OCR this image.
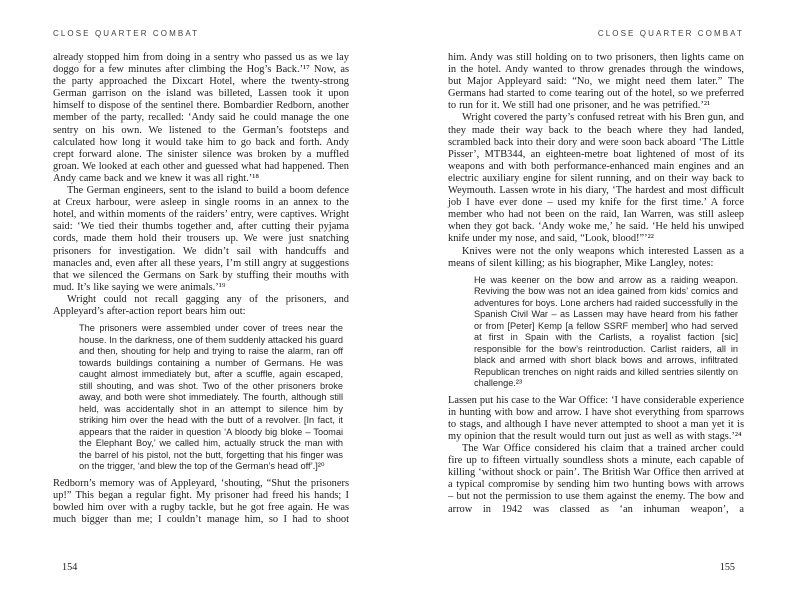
CLOSE QUARTER COMBAT

already stopped him from doing in a sentry who passed us as we lay doggo for a few minutes after climbing the Hog’s Back.’¹⁷ Now, as the party approached the Dixcart Hotel, where the twenty-strong German garrison on the island was billeted, Lassen took it upon himself to dispose of the sentinel there. Bombardier Redborn, another member of the party, recalled: ‘Andy said he could manage the one sentry on his own. We listened to the German’s footsteps and calculated how long it would take him to go back and forth. Andy crept forward alone. The sinister silence was broken by a muffled groan. We looked at each other and guessed what had happened. Then Andy came back and we knew it was all right.’¹⁸

The German engineers, sent to the island to build a boom defence at Creux harbour, were asleep in single rooms in an annex to the hotel, and within moments of the raiders’ entry, were captives. Wright said: ‘We tied their thumbs together and, after cutting their pyjama cords, made them hold their trousers up. We were just snatching prisoners for investigation. We didn’t sail with handcuffs and manacles and, even after all these years, I’m still angry at suggestions that we silenced the Germans on Sark by stuffing their mouths with mud. It’s like saying we were animals.’¹⁹

Wright could not recall gagging any of the prisoners, and Appleyard’s after-action report bears him out:

The prisoners were assembled under cover of trees near the house. In the darkness, one of them suddenly attacked his guard and then, shouting for help and trying to raise the alarm, ran off towards buildings containing a number of Germans. He was caught almost immediately but, after a scuffle, again escaped, still shouting, and was shot. Two of the other prisoners broke away, and both were shot immediately. The fourth, although still held, was accidentally shot in an attempt to silence him by striking him over the head with the butt of a revolver. [In fact, it appears that the raider in question ‘A bloody big bloke – Toomai the Elephant Boy,’ we called him, actually struck the man with the barrel of his pistol, not the butt, forgetting that his finger was on the trigger, ‘and blew the top of the German’s head off’.]²⁰

Redborn’s memory was of Appleyard, ‘shouting, “Shut the prisoners up!” This began a regular fight. My prisoner had freed his hands; I bowled him over with a rugby tackle, but he got free again. He was much bigger than me; I couldn’t manage him, so I had to shoot

154
CLOSE QUARTER COMBAT

him. Andy was still holding on to two prisoners, then lights came on in the hotel. Andy wanted to throw grenades through the windows, but Major Appleyard said: “No, we might need them later.” The Germans had started to come tearing out of the hotel, so we preferred to run for it. We still had one prisoner, and he was petrified.’²¹

Wright covered the party’s confused retreat with his Bren gun, and they made their way back to the beach where they had landed, scrambled back into their dory and were soon back aboard ‘The Little Pisser’, MTB344, an eighteen-metre boat lightened of most of its weapons and with both performance-enhanced main engines and an electric auxiliary engine for silent running, and on their way back to Weymouth. Lassen wrote in his diary, ‘The hardest and most difficult job I have ever done – used my knife for the first time.’ A force member who had not been on the raid, Ian Warren, was still asleep when they got back. ‘Andy woke me,’ he said. ‘He held his unwiped knife under my nose, and said, “Look, blood!”’²²

Knives were not the only weapons which interested Lassen as a means of silent killing; as his biographer, Mike Langley, notes:

He was keener on the bow and arrow as a raiding weapon. Reviving the bow was not an idea gained from kids’ comics and adventures for boys. Lone archers had raided successfully in the Spanish Civil War – as Lassen may have heard from his father or from [Peter] Kemp [a fellow SSRF member] who had served at first in Spain with the Carlists, a royalist faction [sic] responsible for the bow’s reintroduction. Carlist raiders, all in black and armed with short black bows and arrows, infiltrated Republican trenches on night raids and killed sentries silently on challenge.²³

Lassen put his case to the War Office: ‘I have considerable experience in hunting with bow and arrow. I have shot everything from sparrows to stags, and although I have never attempted to shoot a man yet it is my opinion that the result would turn out just as well as with stags.’²⁴

The War Office considered his claim that a trained archer could fire up to fifteen virtually soundless shots a minute, each capable of killing ‘without shock or pain’. The British War Office then arrived at a typical compromise by sending him two hunting bows with arrows – but not the permission to use them against the enemy. The bow and arrow in 1942 was classed as ‘an inhuman weapon’, a

155
